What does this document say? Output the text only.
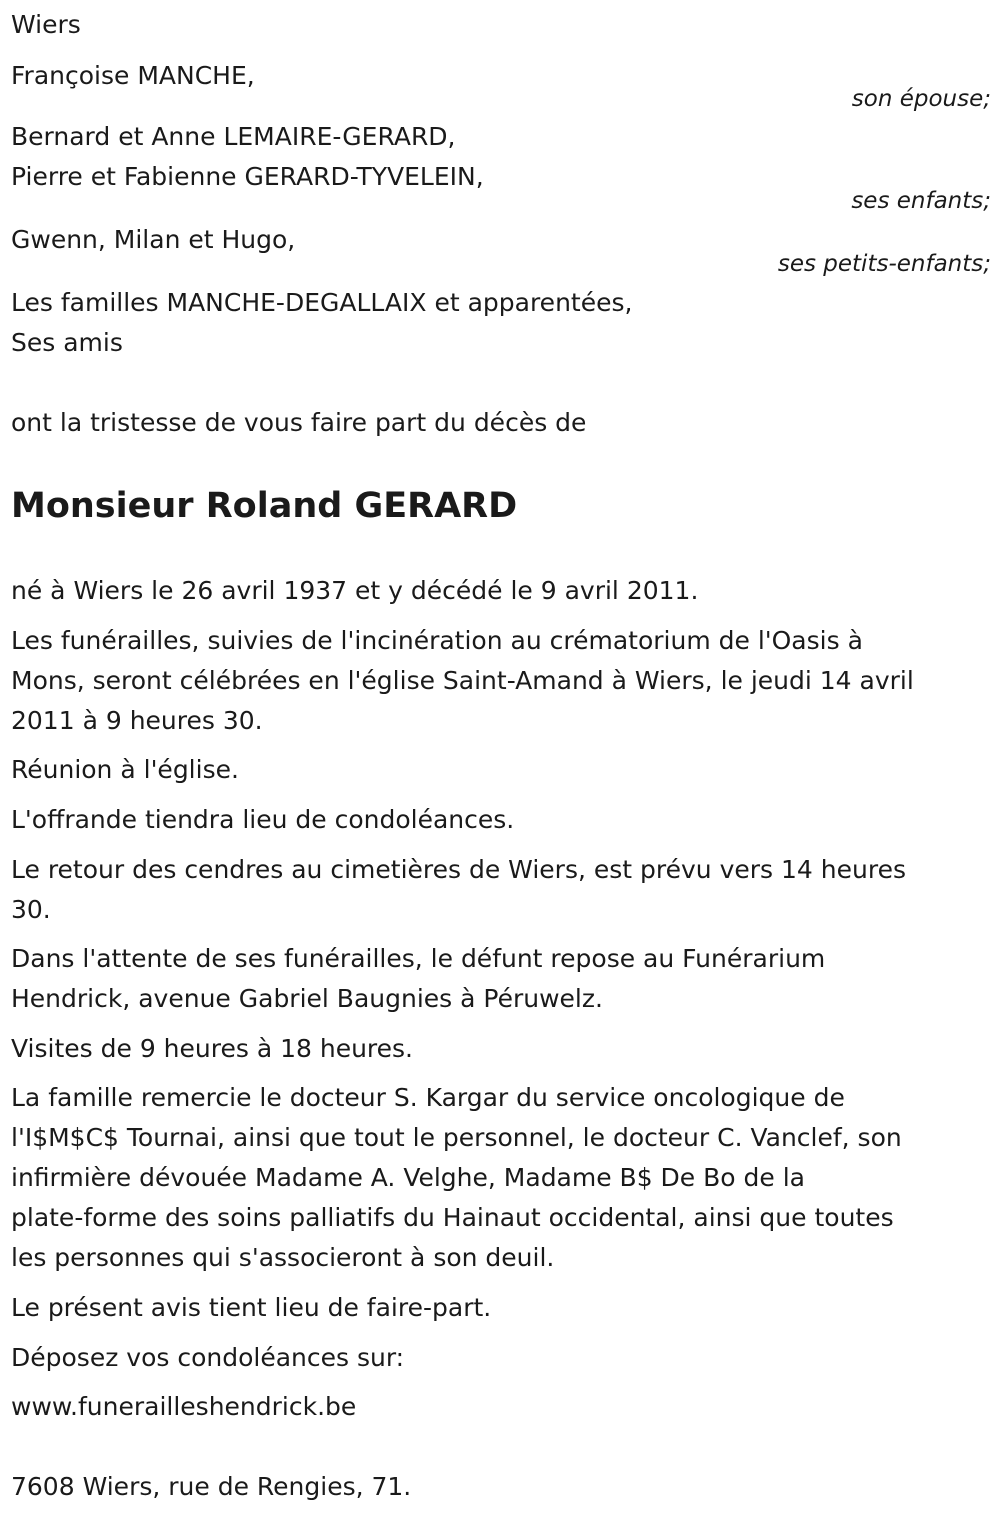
Wiers
Françoise MANCHE,
son épouse;
Bernard et Anne LEMAIRE-GERARD,
Pierre et Fabienne GERARD-TYVELEIN,
ses enfants;
Gwenn, Milan et Hugo,
ses petits-enfants;
Les familles MANCHE-DEGALLAIX et apparentées,
Ses amis
ont la tristesse de vous faire part du décès de
Monsieur Roland GERARD
né à Wiers le 26 avril 1937 et y décédé le 9 avril 2011.
Les funérailles, suivies de l'incinération au crématorium de l'Oasis à
Mons, seront célébrées en l'église Saint-Amand à Wiers, le jeudi 14 avril
2011 à 9 heures 30.
Réunion à l'église.
L'offrande tiendra lieu de condoléances.
Le retour des cendres au cimetières de Wiers, est prévu vers 14 heures
30.
Dans l'attente de ses funérailles, le défunt repose au Funérarium
Hendrick, avenue Gabriel Baugnies à Péruwelz.
Visites de 9 heures à 18 heures.
La famille remercie le docteur S. Kargar du service oncologique de
l'I$M$C$ Tournai, ainsi que tout le personnel, le docteur C. Vanclef, son
infirmière dévouée Madame A. Velghe, Madame B$ De Bo de la
plate-forme des soins palliatifs du Hainaut occidental, ainsi que toutes
les personnes qui s'associeront à son deuil.
Le présent avis tient lieu de faire-part.
Déposez vos condoléances sur:
www.funerailleshendrick.be
7608 Wiers, rue de Rengies, 71.
